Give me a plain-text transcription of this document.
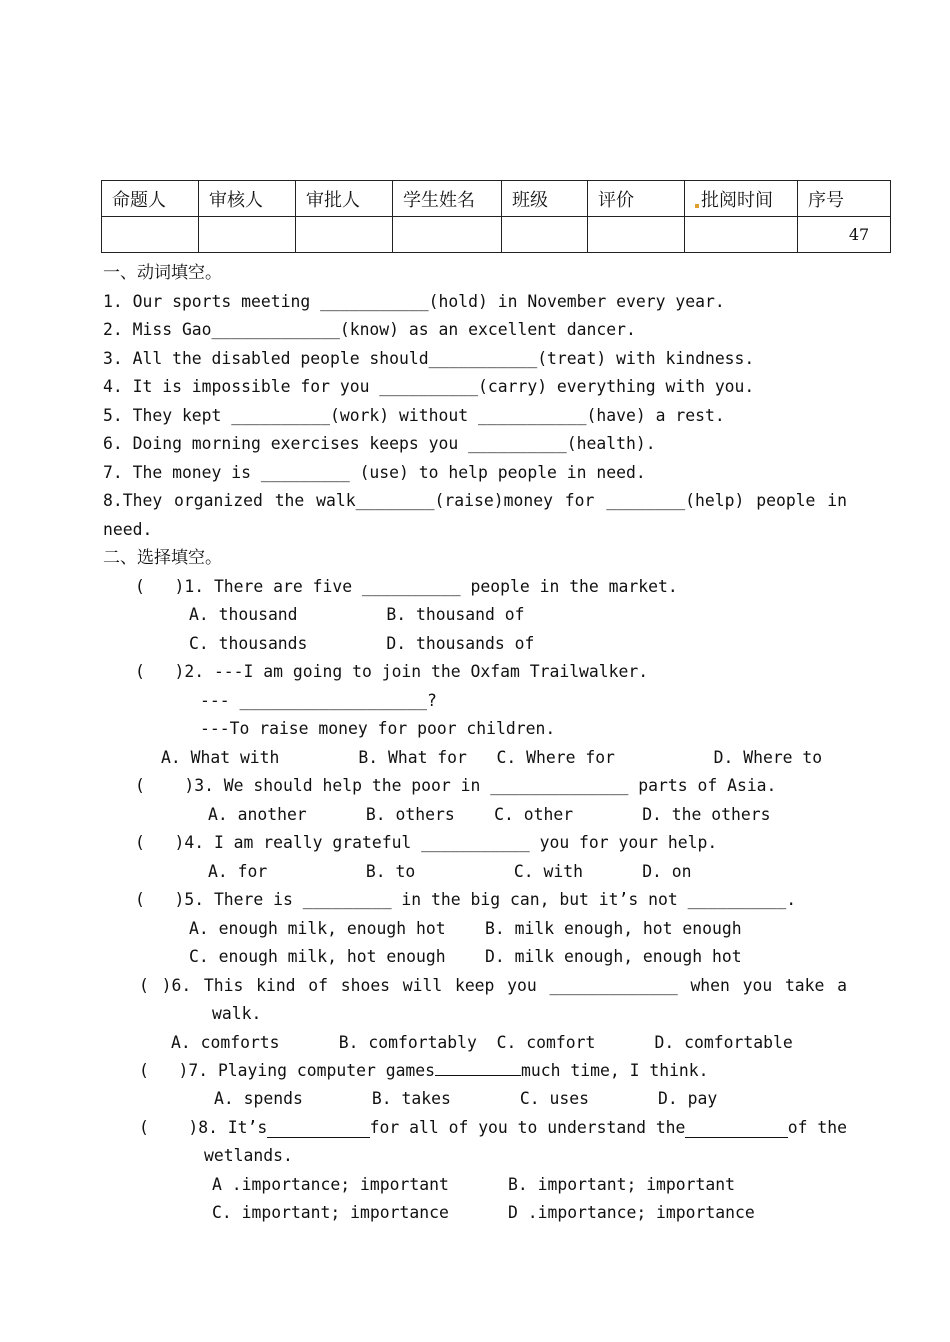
命题人	审核人	审批人	学生姓名	班级	评价	批阅时间	序号
							47
一、动词填空。
1. Our sports meeting ___________(hold) in November every year.
2. Miss Gao_____________(know) as an excellent dancer.
3. All the disabled people should___________(treat) with kindness.
4. It is impossible for you __________(carry) everything with you.
5. They kept __________(work) without ___________(have) a rest.
6. Doing morning exercises keeps you __________(health).
7. The money is _________ (use) to help people in need.
8.They organized the walk________(raise)money for ________(help) people in
need.
二、选择填空。
(   )1. There are five __________ people in the market.
A. thousand         B. thousand of
C. thousands        D. thousands of
(   )2. ---I am going to join the Oxfam Trailwalker.
--- ___________________?
---To raise money for poor children.
A. What with        B. What for   C. Where for          D. Where to
(    )3. We should help the poor in ______________ parts of Asia.
A. another      B. others    C. other       D. the others
(   )4. I am really grateful ___________ you for your help.
A. for          B. to          C. with      D. on
(   )5. There is _________ in the big can, but it’s not __________.
A. enough milk, enough hot    B. milk enough, hot enough
C. enough milk, hot enough    D. milk enough, enough hot
( )6. This kind of shoes will keep you _____________ when you take a
walk.
A. comforts      B. comfortably  C. comfort      D. comfortable
(   )7. Playing computer games	much time, I think.
A. spends       B. takes       C. uses       D. pay
(    )8. It’s	for all of you to understand the	of the
wetlands.
A .importance; important      B. important; important
C. important; importance      D .importance; importance
